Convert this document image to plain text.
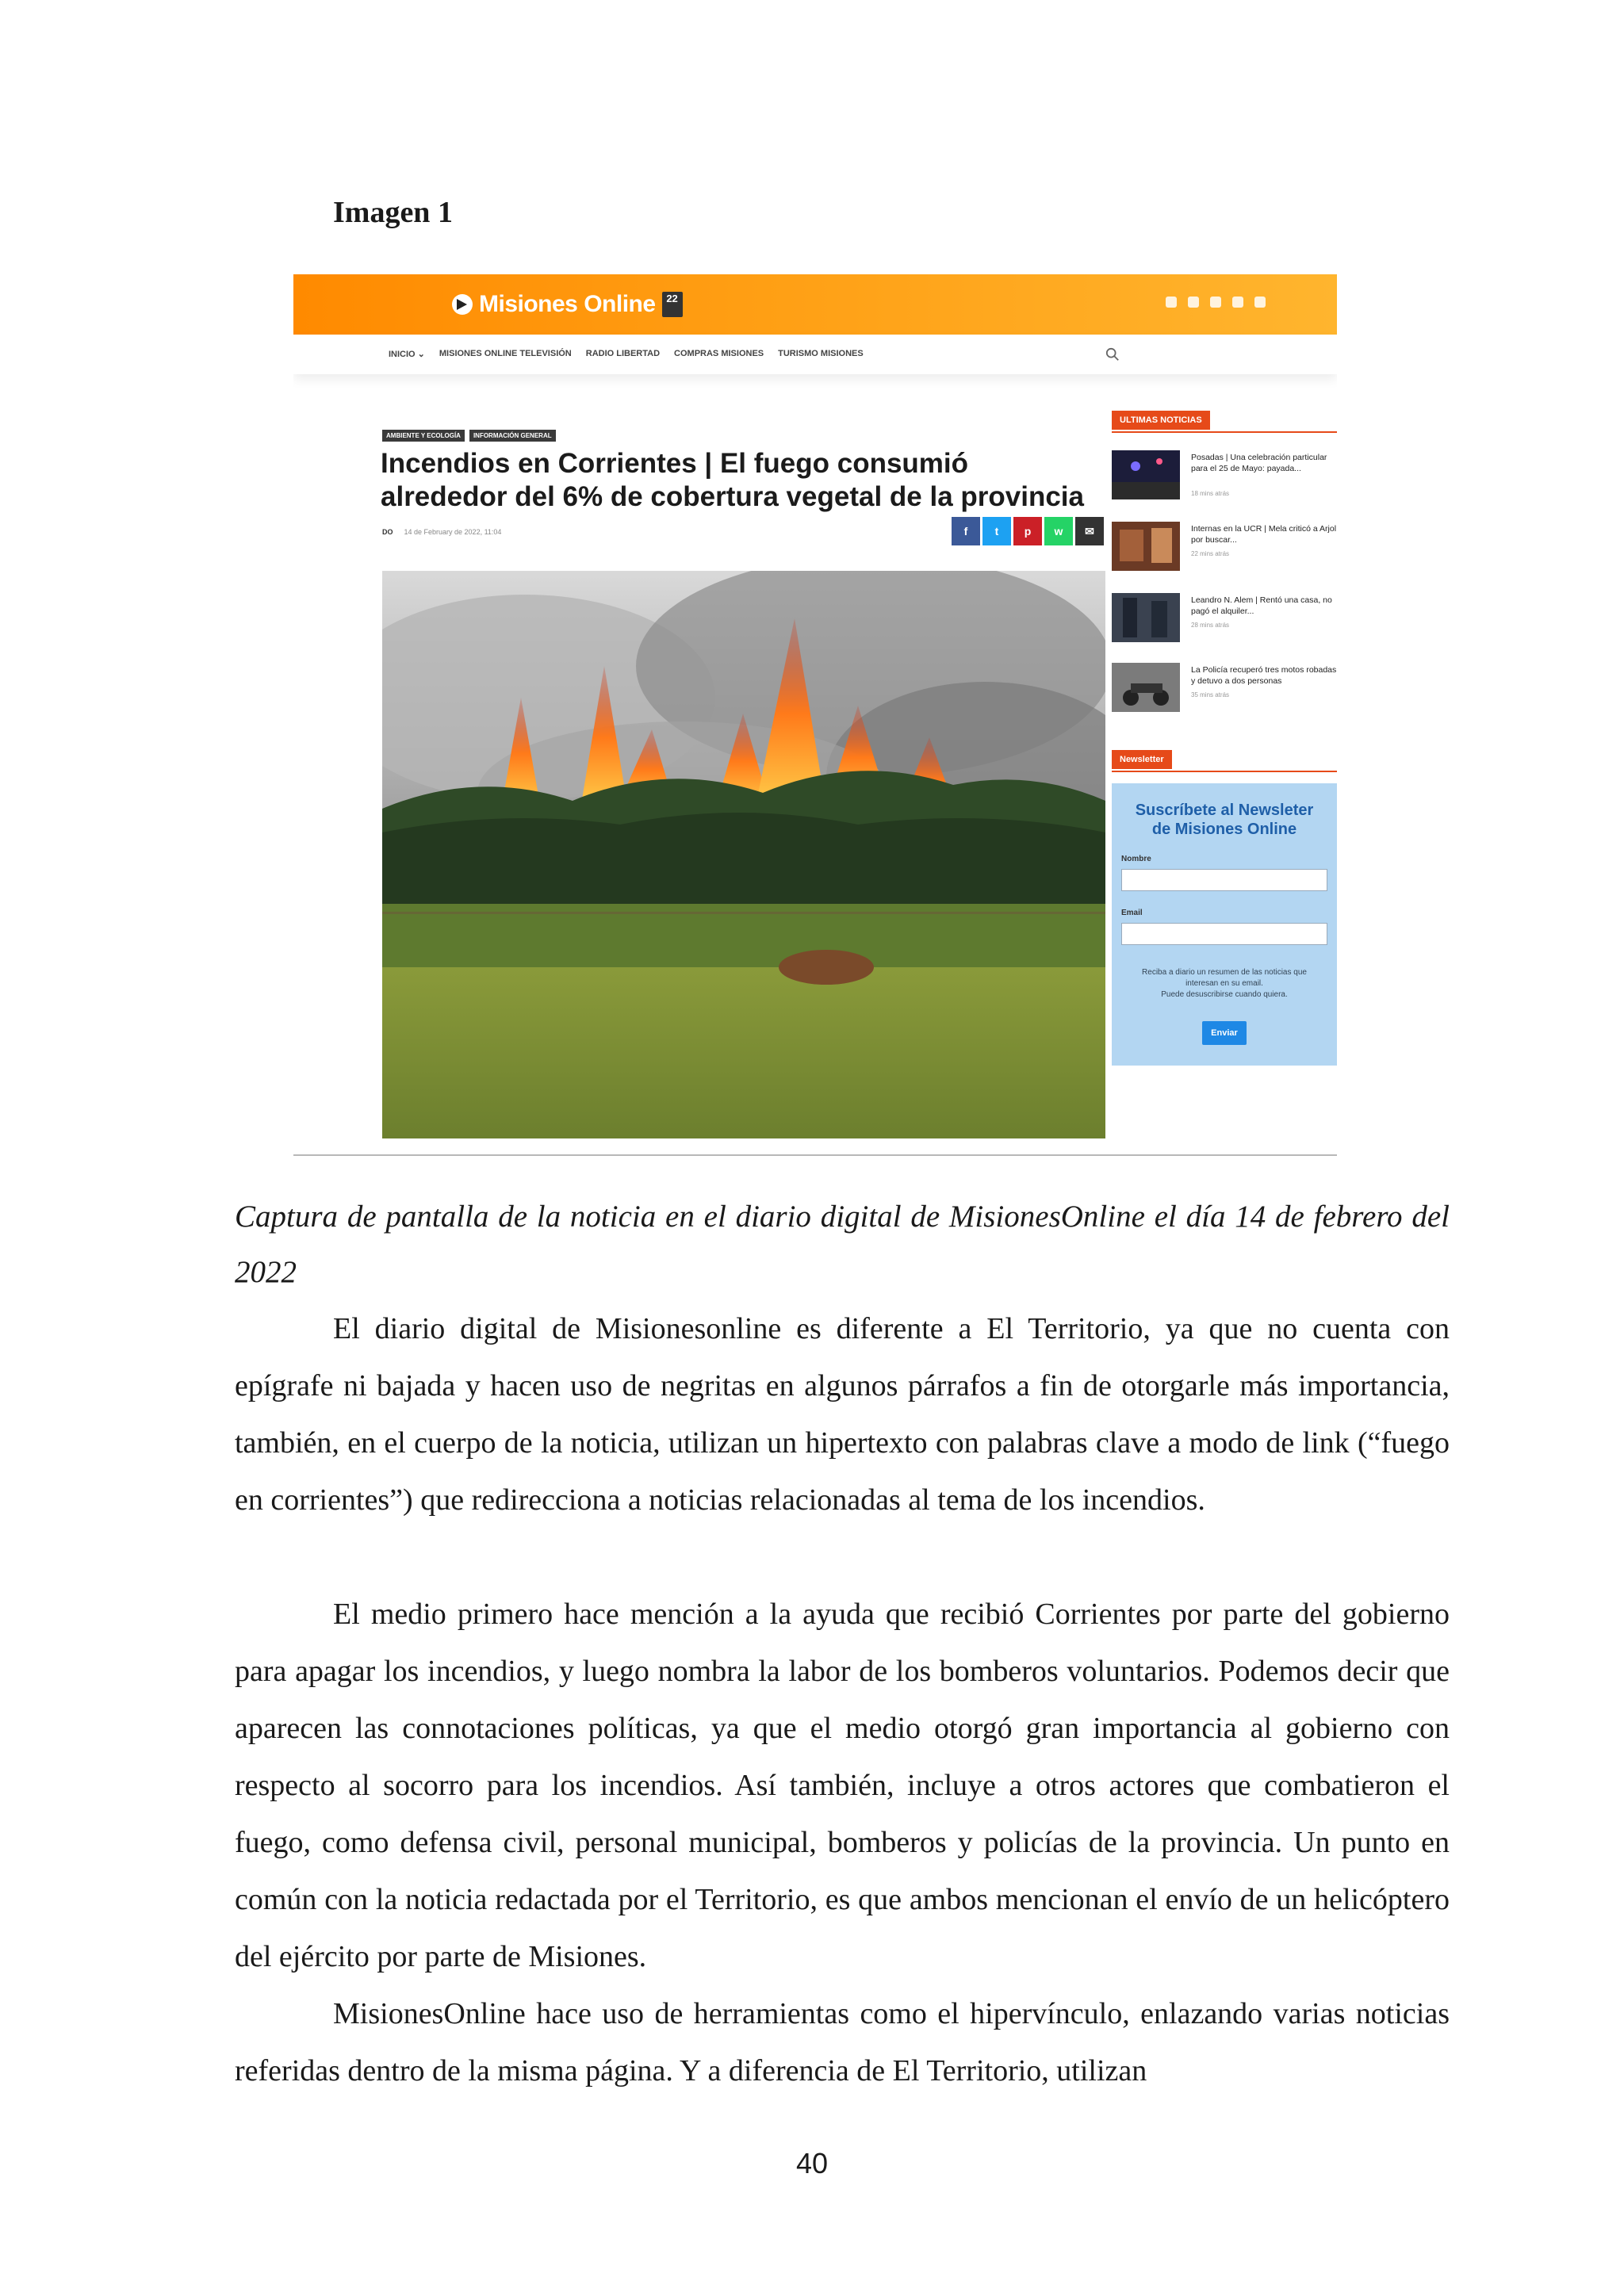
Imagen 1
Misiones Online	22
INICIO ⌄ MISIONES ONLINE TELEVISIÓN RADIO LIBERTAD COMPRAS MISIONES TURISMO MISIONES
AMBIENTE Y ECOLOGÍA	INFORMACIÓN GENERAL
Incendios en Corrientes | El fuego consumió
alrededor del 6% de cobertura vegetal de la provincia
DO 14 de February de 2022, 11:04	f	t	p	w	✉
ULTIMAS NOTICIAS
Posadas | Una celebración particular para el 25 de Mayo: payada...
18 mins atrás
Internas en la UCR | Mela criticó a Arjol por buscar...
22 mins atrás
Leandro N. Alem | Rentó una casa, no pagó el alquiler...
28 mins atrás
La Policía recuperó tres motos robadas y detuvo a dos personas
35 mins atrás
Newsletter
Suscríbete al Newsleter
de Misiones Online
Nombre
Email
Reciba a diario un resumen de las noticias que
interesan en su email.
Puede desuscribirse cuando quiera.
Enviar
Captura de pantalla de la noticia en el diario digital de MisionesOnline el día 14 de febrero del 2022

El diario digital de Misionesonline es diferente a El Territorio, ya que no cuenta con epígrafe ni bajada y hacen uso de negritas en algunos párrafos a fin de otorgarle más importancia, también, en el cuerpo de la noticia, utilizan un hipertexto con palabras clave a modo de link (“fuego en corrientes”) que redirecciona a noticias relacionadas al tema de los incendios.

El medio primero hace mención a la ayuda que recibió Corrientes por parte del gobierno para apagar los incendios, y luego nombra la labor de los bomberos voluntarios. Podemos decir que aparecen las connotaciones políticas, ya que el medio otorgó gran importancia al gobierno con respecto al socorro para los incendios. Así también, incluye a otros actores que combatieron el fuego, como defensa civil, personal municipal, bomberos y policías de la provincia. Un punto en común con la noticia redactada por el Territorio, es que ambos mencionan el envío de un helicóptero del ejército por parte de Misiones.

MisionesOnline hace uso de herramientas como el hipervínculo, enlazando varias noticias referidas dentro de la misma página. Y a diferencia de El Territorio, utilizan

40
